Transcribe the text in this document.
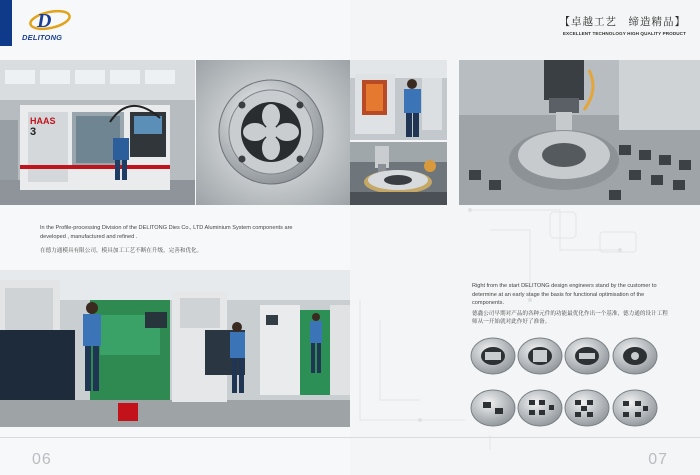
D
DELITONG
HAAS
3
In the Profile-processing Division of the DELITONG Dies Co., LTD Aluminium System components are developed , manufactured and refined .
在德力通模具有限公司，模具加工工艺不断在升级，完善和优化。
06
【卓越工艺　缔造精品】
EXCELLENT TECHNOLOGY HIGH QUALITY PRODUCT
Right from the start DELITONG design engineers stand by the customer to determine at an early stage the basis for functional optimisation of the components.
德鑫公司早期对产品的各种元件的功能最优化作出一个基准，德力通的设计工程师从一开始就对此作好了准备。
07
